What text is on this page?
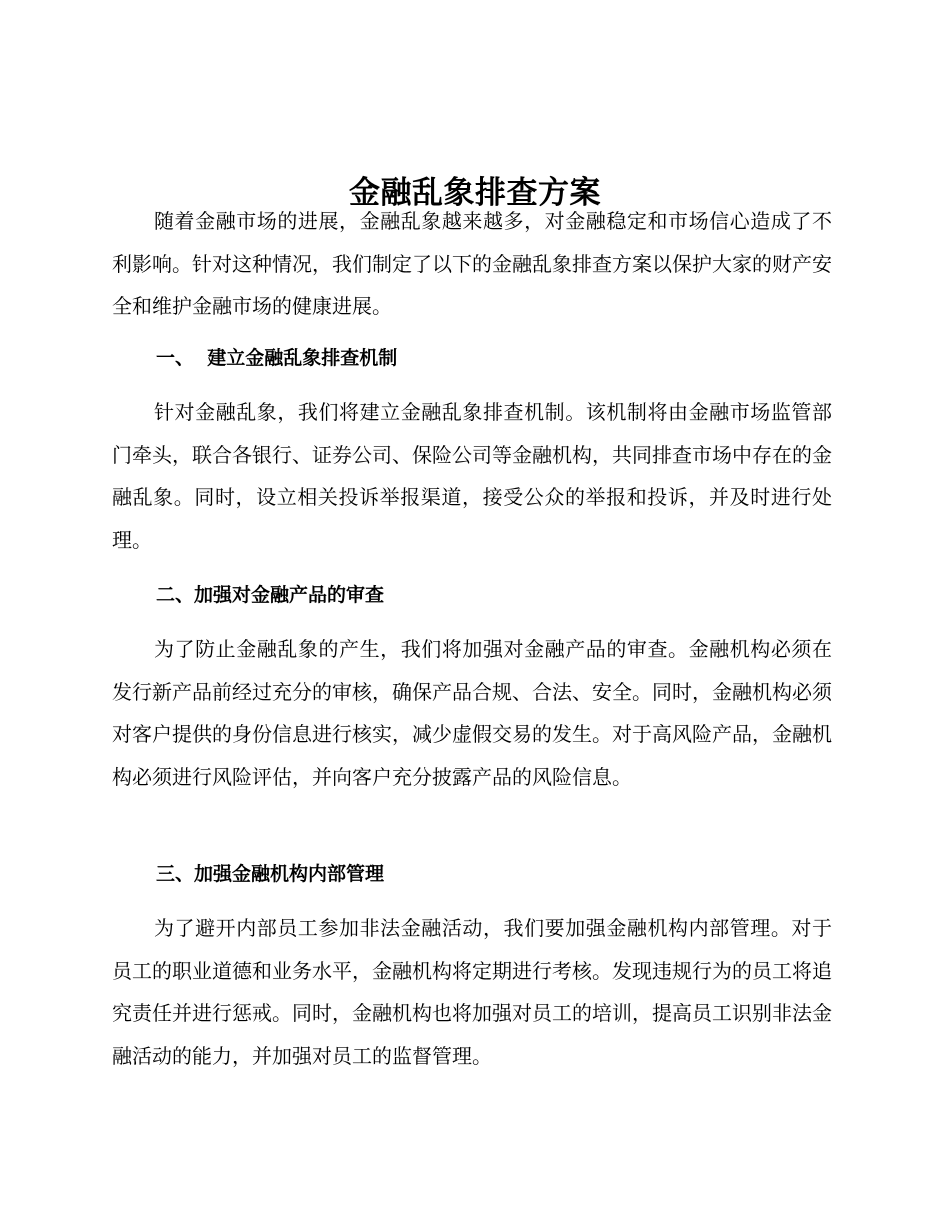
金融乱象排查方案

随着金融市场的进展，金融乱象越来越多，对金融稳定和市场信心造成了不利影响。针对这种情况，我们制定了以下的金融乱象排查方案以保护大家的财产安全和维护金融市场的健康进展。

一、  建立金融乱象排查机制

针对金融乱象，我们将建立金融乱象排查机制。该机制将由金融市场监管部门牵头，联合各银行、证券公司、保险公司等金融机构，共同排查市场中存在的金融乱象。同时，设立相关投诉举报渠道，接受公众的举报和投诉，并及时进行处理。

二、加强对金融产品的审查

为了防止金融乱象的产生，我们将加强对金融产品的审查。金融机构必须在发行新产品前经过充分的审核，确保产品合规、合法、安全。同时，金融机构必须对客户提供的身份信息进行核实，减少虚假交易的发生。对于高风险产品，金融机构必须进行风险评估，并向客户充分披露产品的风险信息。

三、加强金融机构内部管理

为了避开内部员工参加非法金融活动，我们要加强金融机构内部管理。对于员工的职业道德和业务水平，金融机构将定期进行考核。发现违规行为的员工将追究责任并进行惩戒。同时，金融机构也将加强对员工的培训，提高员工识别非法金融活动的能力，并加强对员工的监督管理。
